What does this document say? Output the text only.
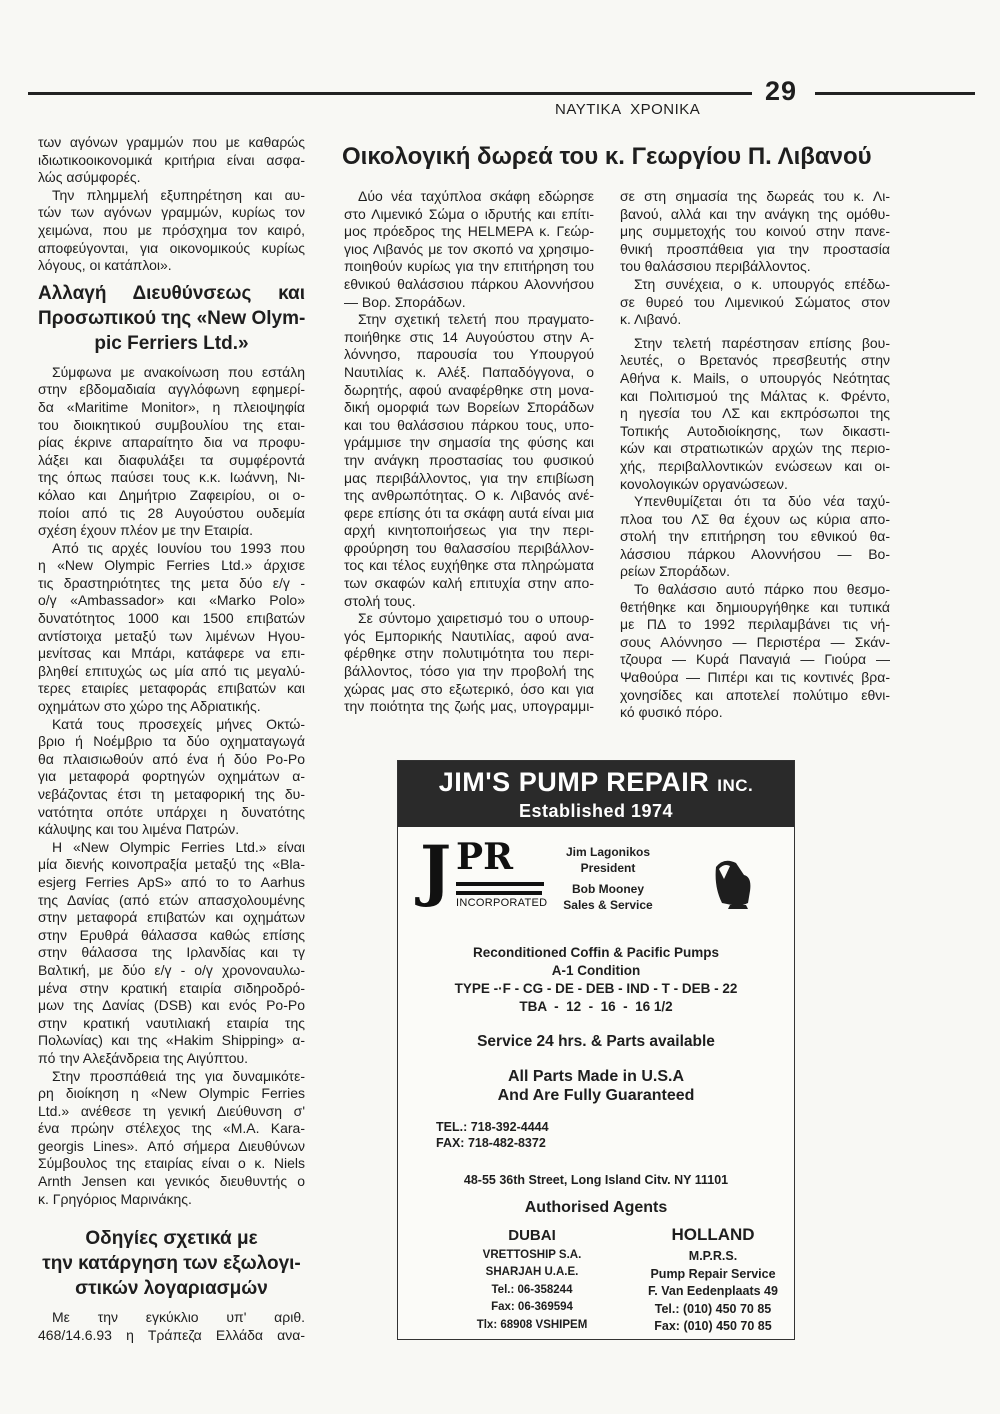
29
ΝΑΥΤΙΚΑ  ΧΡΟΝΙΚΑ
των αγόνων γραμμών που με καθαρώς
ιδιωτικοοικονομικά κριτήρια είναι ασφα-
λώς ασύμφορές.
Την πλημμελή εξυπηρέτηση και αυ-
τών των αγόνων γραμμών, κυρίως τον
χειμώνα, που με πρόσχημα τον καιρό,
αποφεύγονται, για οικονομικούς κυρίως
λόγους, οι κατάπλοι».
Αλλαγή Διευθύνσεως και
Προσωπικού της «New Olym-
pic Ferriers Ltd.»
Σύμφωνα με ανακοίνωση που εστάλη
στην εβδομαδιαία αγγλόφωνη εφημερί-
δα «Maritime Monitor», η πλειοψηφία
του διοικητικού συμβουλίου της εται-
ρίας έκρινε απαραίτητο δια να προφυ-
λάξει και διαφυλάξει τα συμφέροντά
της όπως παύσει τους κ.κ. Ιωάννη, Νι-
κόλαο και Δημήτριο Ζαφειρίου, οι ο-
ποίοι από τις 28 Αυγούστου ουδεμία
σχέση έχουν πλέον με την Εταιρία.
Από τις αρχές Ιουνίου του 1993 που
η «New Olympic Ferries Ltd.» άρχισε
τις δραστηριότητες της μετα δύο ε/γ -
ο/γ «Ambassador» και «Marko Polo»
δυνατότητος 1000 και 1500 επιβατών
αντίστοιχα μεταξύ των λιμένων Ηγου-
μενίτσας και Μπάρι, κατάφερε να επι-
βληθεί επιτυχώς ως μία από τις μεγαλύ-
τερες εταιρίες μεταφοράς επιβατών και
οχημάτων στο χώρο της Αδριατικής.
Κατά τους προσεχείς μήνες Οκτώ-
βριο ή Νοέμβριο τα δύο οχηματαγωγά
θα πλαισιωθούν από ένα ή δύο Ρο-Ρο
για μεταφορά φορτηγών οχημάτων α-
νεβάζοντας έτσι τη μεταφορική της δυ-
νατότητα οπότε υπάρχει η δυνατότης
κάλυψης και του λιμένα Πατρών.
Η «New Olympic Ferries Ltd.» είναι
μία διενής κοινοπραξία μεταξύ της «Bla-
esjerg Ferries ApS» από το το Aarhus
της Δανίας (από ετών απασχολουμένης
στην μεταφορά επιβατών και οχημάτων
στην Ερυθρά θάλασσα καθώς επίσης
στην θάλασσα της Ιρλανδίας και τγ
Βαλτική, με δύο ε/γ - ο/γ χρονοναυλω-
μένα στην κρατική εταιρία σιδηροδρό-
μων της Δανίας (DSB) και ενός Ρο-Ρο
στην κρατική ναυτιλιακή εταιρία της
Πολωνίας) και της «Hakim Shipping» α-
πό την Αλεξάνδρεια της Αιγύπτου.
Στην προσπάθειά της για δυναμικότε-
ρη διοίκηση η «New Olympic Ferries
Ltd.» ανέθεσε τη γενική Διεύθυνση σ'
ένα πρώην στέλεχος της «M.A. Kara-
georgis Lines». Από σήμερα Διευθύνων
Σύμβουλος της εταιρίας είναι ο κ. Niels
Arnth Jensen και γενικός διευθυντής ο
κ. Γρηγόριος Μαρινάκης.
Οδηγίες σχετικά με
την κατάργηση των εξωλογι-
στικών λογαριασμών
Με την εγκύκλιο υπ' αριθ.
468/14.6.93 η Τράπεζα Ελλάδα ανα-
Οικολογική δωρεά του κ. Γεωργίου Π. Λιβανού
Δύο νέα ταχύπλοα σκάφη εδώρησε
στο Λιμενικό Σώμα ο ιδρυτής και επίτι-
μος πρόεδρος της HELMEPA κ. Γεώρ-
γιος Λιβανός με τον σκοπό να χρησιμο-
ποιηθούν κυρίως για την επιτήρηση του
εθνικού θαλάσσιου πάρκου Αλοννήσου
— Βορ. Σποράδων.
Στην σχετική τελετή που πραγματο-
ποιήθηκε στις 14 Αυγούστου στην Α-
λόννησο, παρουσία του Υπουργού
Ναυτιλίας κ. Αλέξ. Παπαδόγγονα, ο
δωρητής, αφού αναφέρθηκε στη μονα-
δική ομορφιά των Βορείων Σποράδων
και του θαλάσσιου πάρκου τους, υπο-
γράμμισε την σημασία της φύσης και
την ανάγκη προστασίας του φυσικού
μας περιβάλλοντος, για την επιβίωση
της ανθρωπότητας. Ο κ. Λιβανός ανέ-
φερε επίσης ότι τα σκάφη αυτά είναι μια
αρχή κινητοποιήσεως για την περι-
φρούρηση του θαλασσίου περιβάλλον-
τος και τέλος ευχήθηκε στα πληρώματα
των σκαφών καλή επιτυχία στην απο-
στολή τους.
Σε σύντομο χαιρετισμό του ο υπουρ-
γός Εμπορικής Ναυτιλίας, αφού ανα-
φέρθηκε στην πολυτιμότητα του περι-
βάλλοντος, τόσο για την προβολή της
χώρας μας στο εξωτερικό, όσο και για
την ποιότητα της ζωής μας, υπογραμμι-
σε στη σημασία της δωρεάς του κ. Λι-
βανού, αλλά και την ανάγκη της ομόθυ-
μης συμμετοχής του κοινού στην πανε-
θνική προσπάθεια για την προστασία
του θαλάσσιου περιβάλλοντος.
Στη συνέχεια, ο κ. υπουργός επέδω-
σε θυρεό του Λιμενικού Σώματος στον
κ. Λιβανό.
Στην τελετή παρέστησαν επίσης βου-
λευτές, ο Βρετανός πρεσβευτής στην
Αθήνα κ. Mails, ο υπουργός Νεότητας
και Πολιτισμού της Μάλτας κ. Φρέντο,
η ηγεσία του ΛΣ και εκπρόσωποι της
Τοπικής Αυτοδιοίκησης, των δικαστι-
κών και στρατιωτικών αρχών της περιο-
χής, περιβαλλοντικών ενώσεων και οι-
κονολογικών οργανώσεων.
Υπενθυμίζεται ότι τα δύο νέα ταχύ-
πλοα του ΛΣ θα έχουν ως κύρια απο-
στολή την επιτήρηση του εθνικού θα-
λάσσιου πάρκου Αλοννήσου — Βο-
ρείων Σποράδων.
Το θαλάσσιο αυτό πάρκο που θεσμο-
θετήθηκε και δημιουργήθηκε και τυπικά
με ΠΔ το 1992 περιλαμβάνει τις νή-
σους Αλόννησο — Περιστέρα — Σκάν-
τζουρα — Κυρά Παναγιά — Γιούρα —
Ψαθούρα — Πιπέρι και τις κοντινές βρα-
χονησίδες και αποτελεί πολύτιμο εθνι-
κό φυσικό πόρο.
JIM'S PUMP REPAIR INC.
Established 1974
J PR
INCORPORATED
Jim Lagonikos
President
Bob Mooney
Sales & Service
Reconditioned Coffin & Pacific Pumps
A-1 Condition
TYPE -·F - CG - DE - DEB - IND - T - DEB - 22
TBA  -  12  -  16  -  16 1/2
Service 24 hrs. & Parts available
All Parts Made in U.S.A
And Are Fully Guaranteed
TEL.: 718-392-4444
FAX: 718-482-8372
48-55 36th Street, Long Island Citv. NY 11101
Authorised Agents
DUBAI
VRETTOSHIP S.A.
SHARJAH U.A.E.
Tel.: 06-358244
Fax: 06-369594
Tlx: 68908 VSHIPEM
HOLLAND
M.P.R.S.
Pump Repair Service
F. Van Eedenplaats 49
Tel.: (010) 450 70 85
Fax: (010) 450 70 85
